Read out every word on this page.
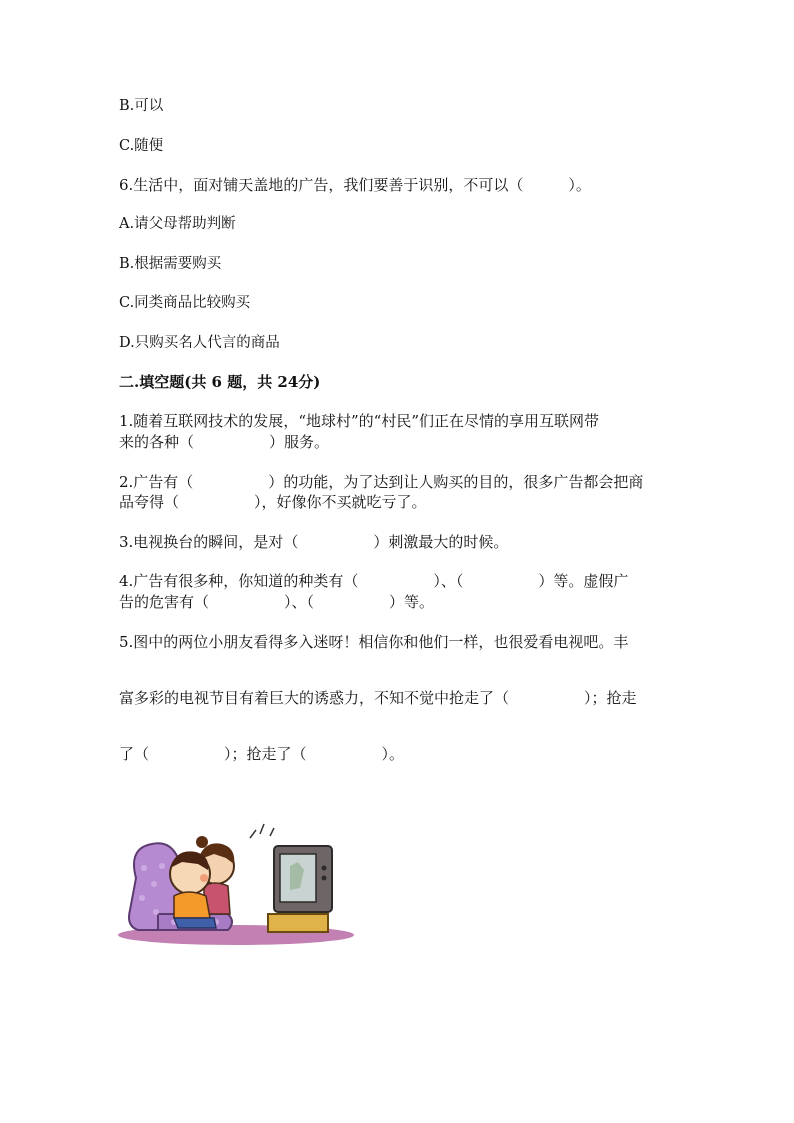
B.可以
C.随便
6.生活中，面对铺天盖地的广告，我们要善于识别，不可以（　　　）。
A.请父母帮助判断
B.根据需要购买
C.同类商品比较购买
D.只购买名人代言的商品
二.填空题(共 6 题，共 24分)
1.随着互联网技术的发展，“地球村”的“村民”们正在尽情的享用互联网带
来的各种（　　　　　）服务。
2.广告有（　　　　　）的功能，为了达到让人购买的目的，很多广告都会把商
品夸得（　　　　　），好像你不买就吃亏了。
3.电视换台的瞬间，是对（　　　　　）刺激最大的时候。
4.广告有很多种，你知道的种类有（　　　　　）、（　　　　　）等。虚假广
告的危害有（　　　　　）、（　　　　　）等。
5.图中的两位小朋友看得多入迷呀！相信你和他们一样，也很爱看电视吧。丰
富多彩的电视节目有着巨大的诱惑力，不知不觉中抢走了（　　　　　）；抢走
了（　　　　　）；抢走了（　　　　　）。
